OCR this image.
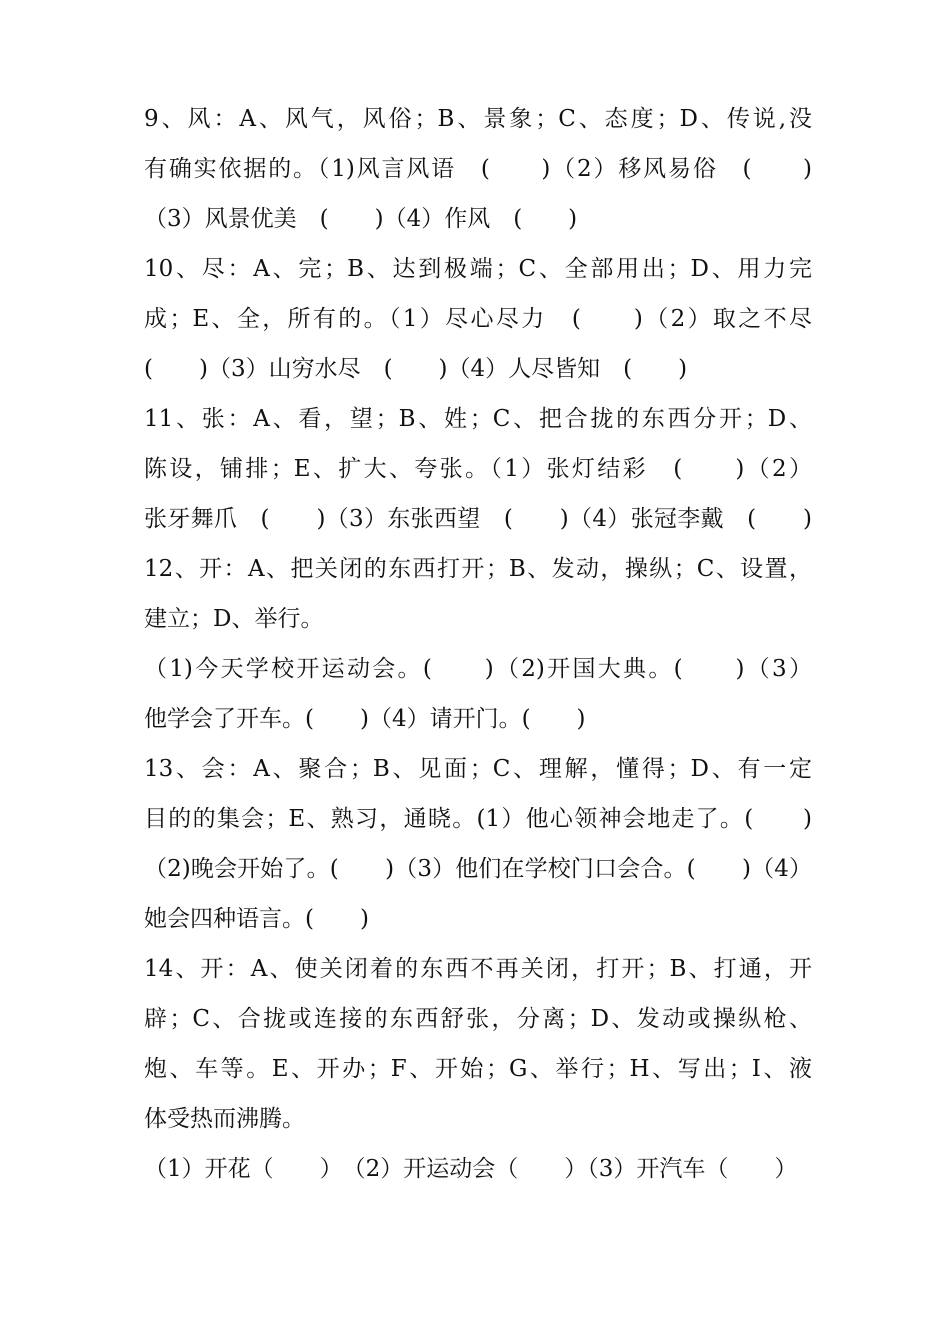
9、风：A、风气，风俗；B、景象；C、态度；D、传说,没
有确实依据的。（1)风言风语　(　　)（2）移风易俗　(　　)
（3）风景优美　(　　)（4）作风　(　　)
10、尽：A、完；B、达到极端；C、全部用出；D、用力完
成；E、全，所有的。（1）尽心尽力　(　　)（2）取之不尽
(　　)（3）山穷水尽　(　　)（4）人尽皆知　(　　)
11、张：A、看，望；B、姓；C、把合拢的东西分开；D、
陈设，铺排；E、扩大、夸张。（1）张灯结彩　(　　)（2）
张牙舞爪　(　　)（3）东张西望　(　　)（4）张冠李戴　(　　)
12、开：A、把关闭的东西打开；B、发动，操纵；C、设置，
建立；D、举行。
（1)今天学校开运动会。(　　)（2)开国大典。(　　)（3）
他学会了开车。(　　)（4）请开门。(　　)
13、会：A、聚合；B、见面；C、理解，懂得；D、有一定
目的的集会；E、熟习，通晓。(1）他心领神会地走了。(　　)
（2)晚会开始了。(　　)（3）他们在学校门口会合。(　　)（4）
她会四种语言。(　　)
14、开：A、使关闭着的东西不再关闭，打开；B、打通，开
辟；C、合拢或连接的东西舒张，分离；D、发动或操纵枪、
炮、车等。E、开办；F、开始；G、举行；H、写出；I、液
体受热而沸腾。
（1）开花（　　）　（2）开运动会（　　）（3）开汽车（　　）
